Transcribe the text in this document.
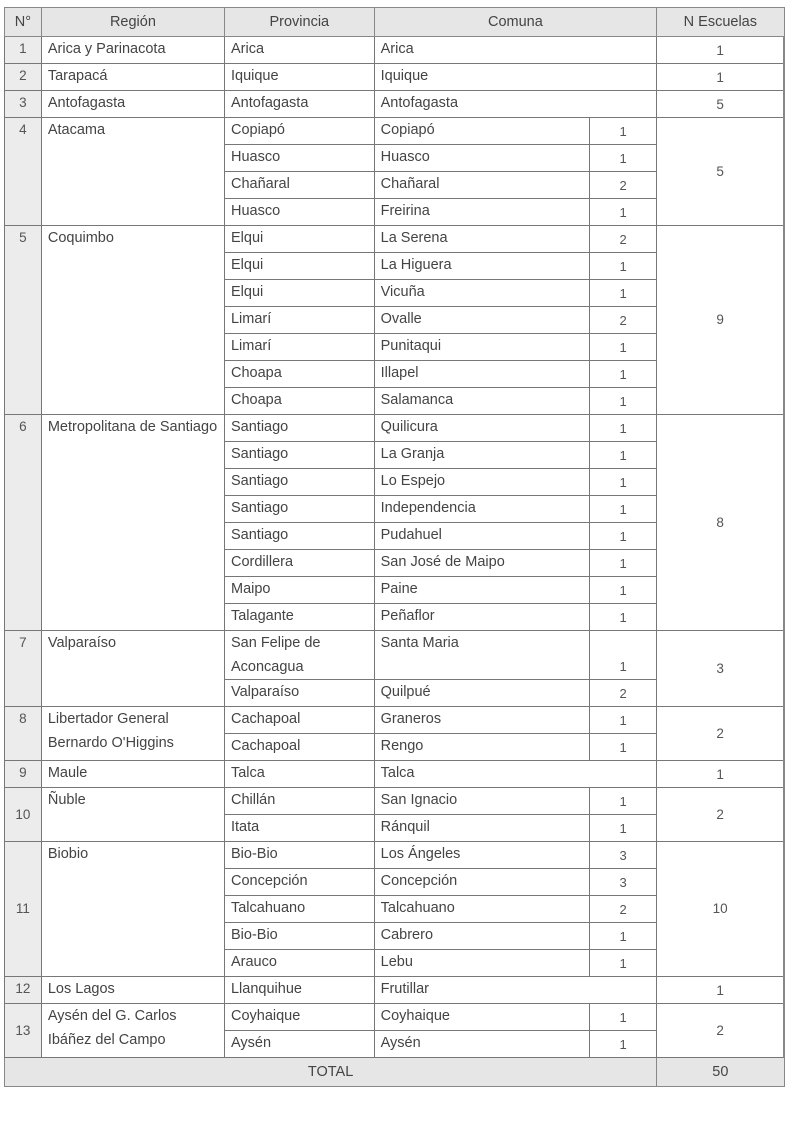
N°	Región	Provincia	Comuna		N Escuelas
1	Arica y Parinacota	Arica	Arica		1
2	Tarapacá	Iquique	Iquique		1
3	Antofagasta	Antofagasta	Antofagasta		5
4	Atacama	Copiapó	Copiapó	1	5
		Huasco	Huasco	1	
		Chañaral	Chañaral	2	
		Huasco	Freirina	1	
5	Coquimbo	Elqui	La Serena	2	9
		Elqui	La Higuera	1	
		Elqui	Vicuña	1	
		Limarí	Ovalle	2	
		Limarí	Punitaqui	1	
		Choapa	Illapel	1	
		Choapa	Salamanca	1	
6	Metropolitana de Santiago	Santiago	Quilicura	1	8
		Santiago	La Granja	1	
		Santiago	Lo Espejo	1	
		Santiago	Independencia	1	
		Santiago	Pudahuel	1	
		Cordillera	San José de Maipo	1	
		Maipo	Paine	1	
		Talagante	Peñaflor	1	
7	Valparaíso	San Felipe de Aconcagua	Santa Maria	1	3
		Valparaíso	Quilpué	2	
8	Libertador General Bernardo O'Higgins	Cachapoal	Graneros	1	2
		Cachapoal	Rengo	1	
9	Maule	Talca	Talca		1
10	Ñuble	Chillán	San Ignacio	1	2
		Itata	Ránquil	1	
11	Biobio	Bio-Bio	Los Ángeles	3	10
		Concepción	Concepción	3	
		Talcahuano	Talcahuano	2	
		Bio-Bio	Cabrero	1	
		Arauco	Lebu	1	
12	Los Lagos	Llanquihue	Frutillar		1
13	Aysén del G. Carlos Ibáñez del Campo	Coyhaique	Coyhaique	1	2
		Aysén	Aysén	1	
TOTAL					50
